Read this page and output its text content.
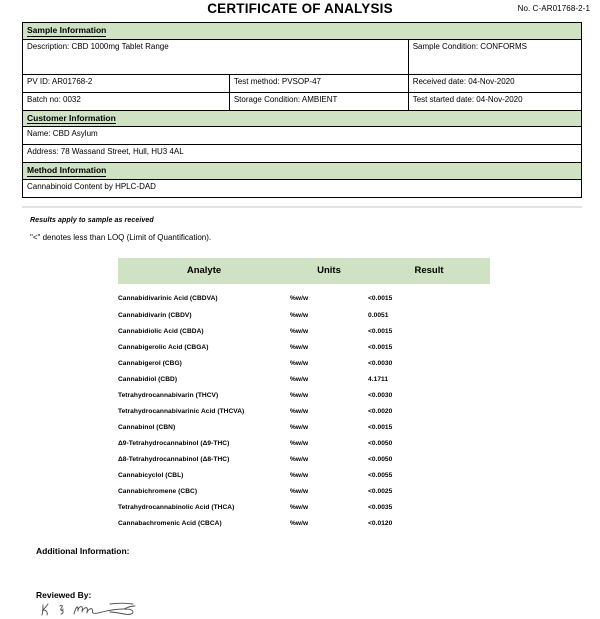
CERTIFICATE OF ANALYSIS	No. C-AR01768-2-1
Sample Information		
Description: CBD 1000mg Tablet Range		Sample Condition: CONFORMS
PV ID: AR01768-2	Test method: PVSOP-47	Received date: 04-Nov-2020
Batch no: 0032	Storage Condition: AMBIENT	Test started date: 04-Nov-2020
Customer Information		
Name: CBD Asylum		
Address: 78 Wassand Street, Hull, HU3 4AL		
Method Information		
Cannabinoid Content by HPLC-DAD		
Results apply to sample as received
"<" denotes less than LOQ (Limit of Quantification).
Analyte	Units	Result
Cannabidivarinic Acid (CBDVA)	%w/w	<0.0015
Cannabidivarin (CBDV)	%w/w	0.0051
Cannabidiolic Acid (CBDA)	%w/w	<0.0015
Cannabigerolic Acid (CBGA)	%w/w	<0.0015
Cannabigerol (CBG)	%w/w	<0.0030
Cannabidiol (CBD)	%w/w	4.1711
Tetrahydrocannabivarin (THCV)	%w/w	<0.0030
Tetrahydrocannabivarinic Acid (THCVA)	%w/w	<0.0020
Cannabinol (CBN)	%w/w	<0.0015
Δ9-Tetrahydrocannabinol (Δ9-THC)	%w/w	<0.0050
Δ8-Tetrahydrocannabinol (Δ8-THC)	%w/w	<0.0050
Cannabicyclol (CBL)	%w/w	<0.0055
Cannabichromene (CBC)	%w/w	<0.0025
Tetrahydrocannabinolic Acid (THCA)	%w/w	<0.0035
Cannabachromenic Acid (CBCA)	%w/w	<0.0120
Additional Information:
Reviewed By:
